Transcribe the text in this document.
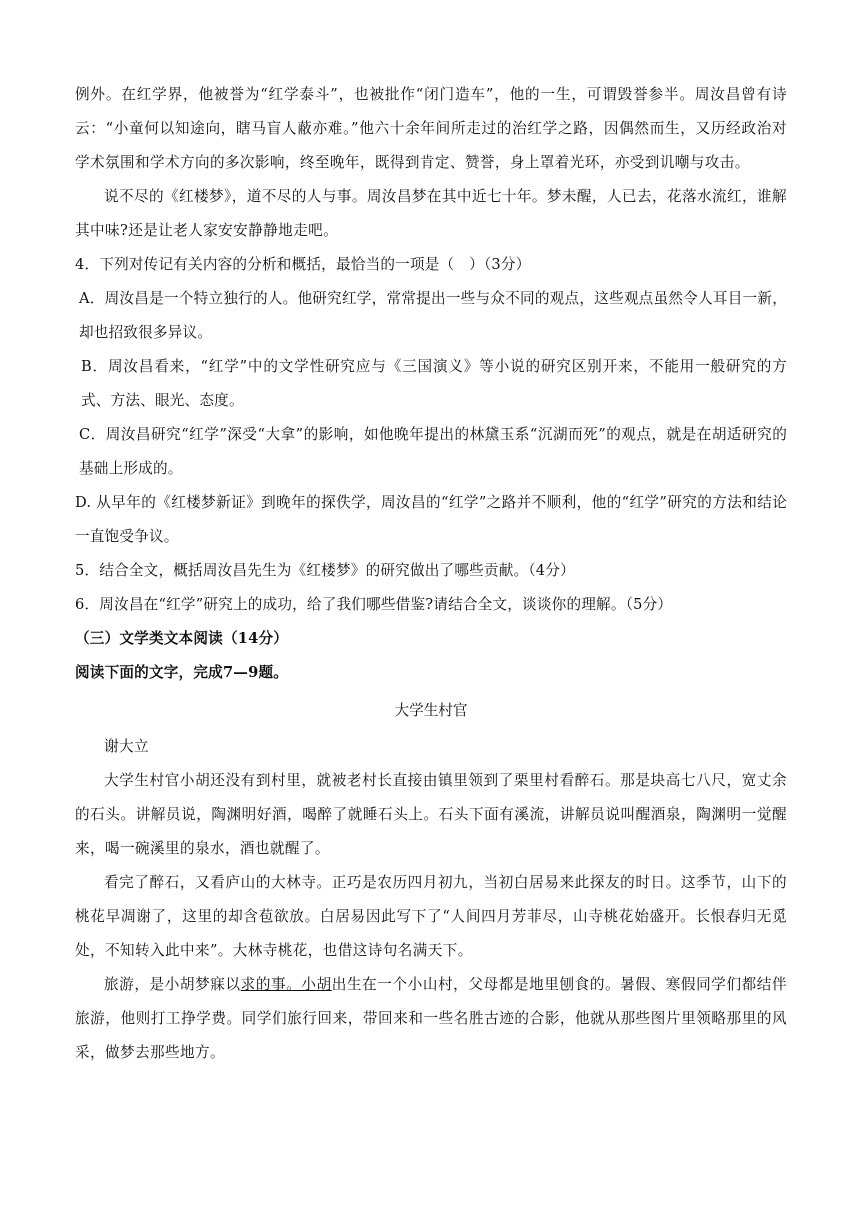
例外。在红学界，他被誉为“红学泰斗”，也被批作“闭门造车”，他的一生，可谓毁誉参半。周汝昌曾有诗云：“小童何以知途向，瞎马盲人蔽亦难。”他六十余年间所走过的治红学之路，因偶然而生，又历经政治对学术氛围和学术方向的多次影响，终至晚年，既得到肯定、赞誉，身上罩着光环，亦受到讥嘲与攻击。

说不尽的《红楼梦》，道不尽的人与事。周汝昌梦在其中近七十年。梦未醒，人已去，花落水流红，谁解其中味?还是让老人家安安静静地走吧。

4．下列对传记有关内容的分析和概括，最恰当的一项是（　）（3分）

A．周汝昌是一个特立独行的人。他研究红学，常常提出一些与众不同的观点，这些观点虽然令人耳目一新，却也招致很多异议。

B．周汝昌看来，“红学”中的文学性研究应与《三国演义》等小说的研究区别开来，不能用一般研究的方式、方法、眼光、态度。

C．周汝昌研究“红学”深受“大拿”的影响，如他晚年提出的林黛玉系“沉湖而死”的观点，就是在胡适研究的基础上形成的。

D. 从早年的《红楼梦新证》到晚年的探佚学，周汝昌的“红学”之路并不顺利，他的“红学”研究的方法和结论一直饱受争议。

5．结合全文，概括周汝昌先生为《红楼梦》的研究做出了哪些贡献。（4分）

6．周汝昌在“红学”研究上的成功，给了我们哪些借鉴?请结合全文，谈谈你的理解。（5分）

（三）文学类文本阅读（14分）

阅读下面的文字，完成7—9题。

大学生村官

谢大立

大学生村官小胡还没有到村里，就被老村长直接由镇里领到了栗里村看醉石。那是块高七八尺，宽丈余的石头。讲解员说，陶渊明好酒，喝醉了就睡石头上。石头下面有溪流，讲解员说叫醒酒泉，陶渊明一觉醒来，喝一碗溪里的泉水，酒也就醒了。

看完了醉石，又看庐山的大林寺。正巧是农历四月初九，当初白居易来此探友的时日。这季节，山下的桃花早凋谢了，这里的却含苞欲放。白居易因此写下了“人间四月芳菲尽，山寺桃花始盛开。长恨春归无觅处，不知转入此中来”。大林寺桃花，也借这诗句名满天下。

旅游，是小胡梦寐以求的事。小胡出生在一个小山村，父母都是地里刨食的。暑假、寒假同学们都结伴旅游，他则打工挣学费。同学们旅行回来，带回来和一些名胜古迹的合影，他就从那些图片里领略那里的风采，做梦去那些地方。
